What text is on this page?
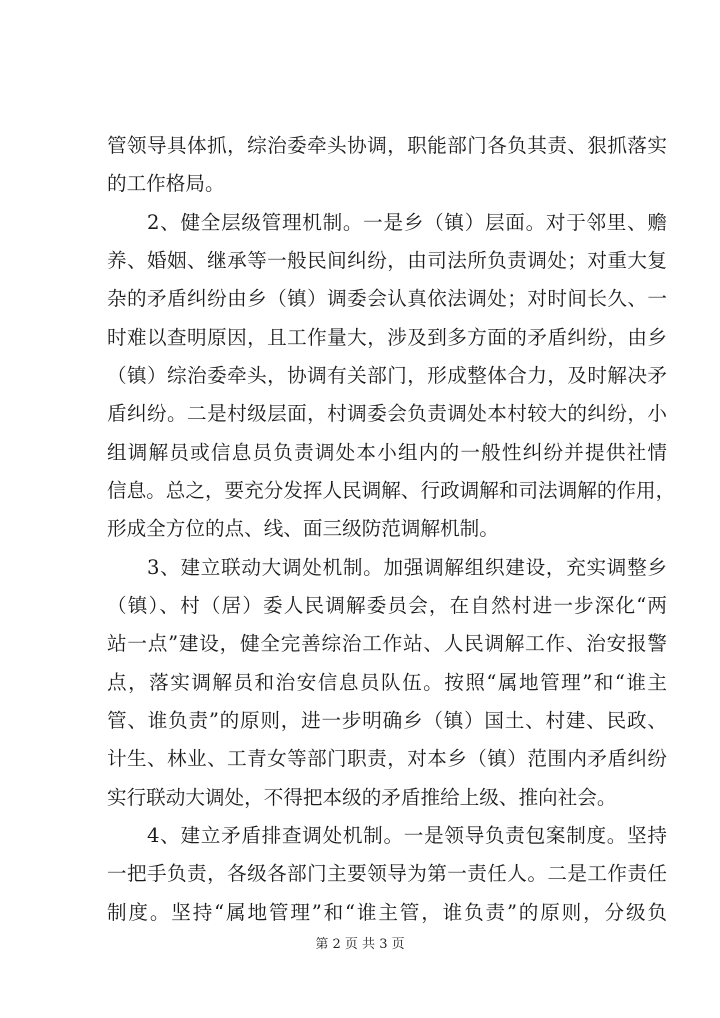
管领导具体抓，综治委牵头协调，职能部门各负其责、狠抓落实
的工作格局。
2、健全层级管理机制。一是乡（镇）层面。对于邻里、赡
养、婚姻、继承等一般民间纠纷，由司法所负责调处；对重大复
杂的矛盾纠纷由乡（镇）调委会认真依法调处；对时间长久、一
时难以查明原因，且工作量大，涉及到多方面的矛盾纠纷，由乡
（镇）综治委牵头，协调有关部门，形成整体合力，及时解决矛
盾纠纷。二是村级层面，村调委会负责调处本村较大的纠纷，小
组调解员或信息员负责调处本小组内的一般性纠纷并提供社情
信息。总之，要充分发挥人民调解、行政调解和司法调解的作用，
形成全方位的点、线、面三级防范调解机制。
3、建立联动大调处机制。加强调解组织建设，充实调整乡
（镇）、村（居）委人民调解委员会，在自然村进一步深化“两
站一点”建设，健全完善综治工作站、人民调解工作、治安报警
点，落实调解员和治安信息员队伍。按照“属地管理”和“谁主
管、谁负责”的原则，进一步明确乡（镇）国土、村建、民政、
计生、林业、工青女等部门职责，对本乡（镇）范围内矛盾纠纷
实行联动大调处，不得把本级的矛盾推给上级、推向社会。
4、建立矛盾排查调处机制。一是领导负责包案制度。坚持
一把手负责，各级各部门主要领导为第一责任人。二是工作责任
制度。坚持“属地管理”和“谁主管，谁负责”的原则，分级负
第 2 页 共 3 页
